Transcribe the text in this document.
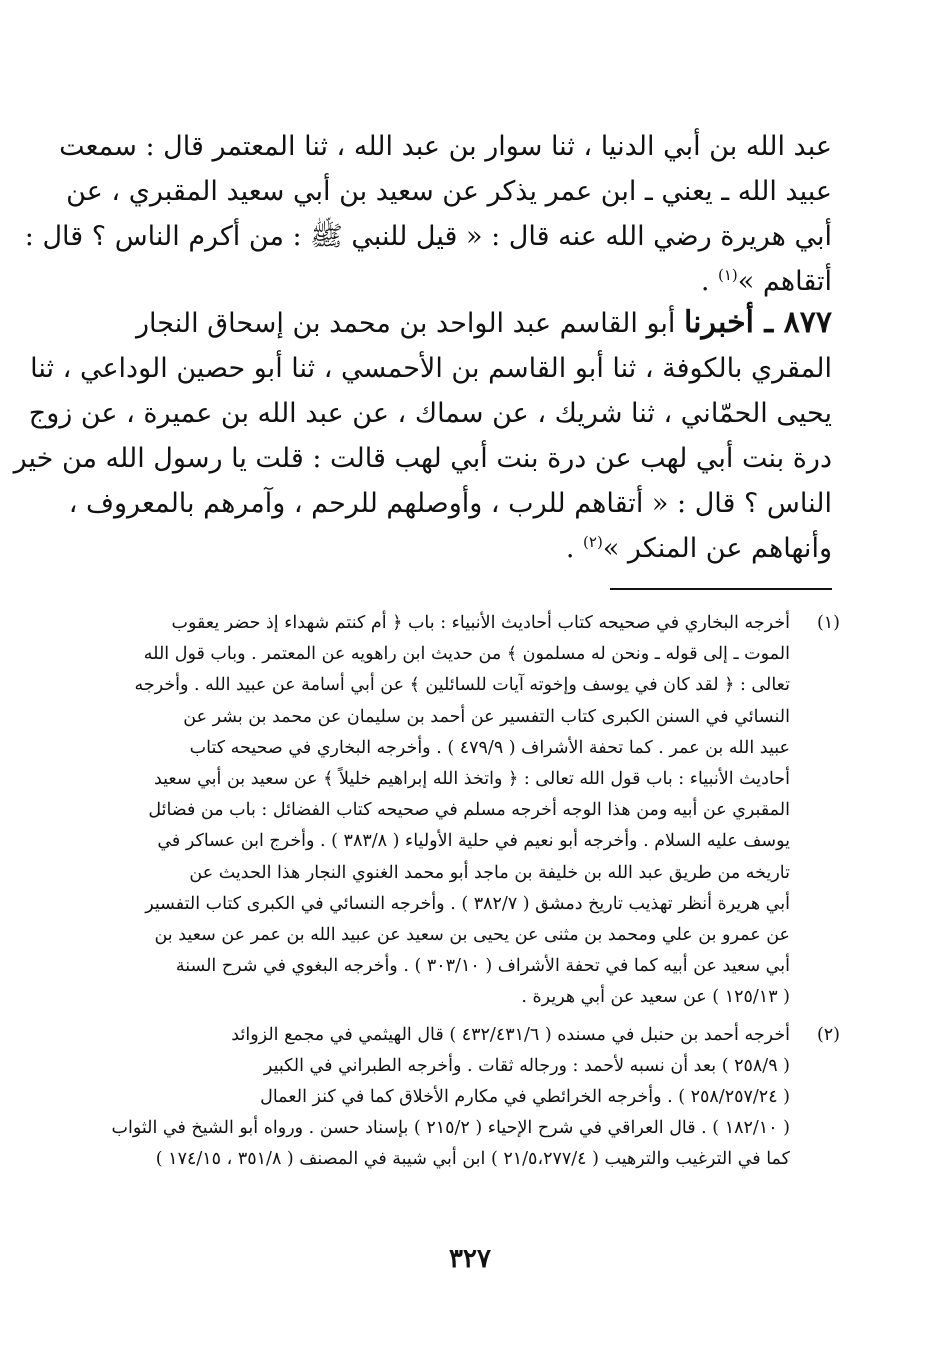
عبد الله بن أبي الدنيا ، ثنا سوار بن عبد الله ، ثنا المعتمر قال : سمعت
عبيد الله ـ يعني ـ ابن عمر يذكر عن سعيد بن أبي سعيد المقبري ، عن
أبي هريرة رضي الله عنه قال : « قيل للنبي ﷺ : من أكرم الناس ؟ قال :
أتقاهم »$^{(١)}$ .
٨٧٧ ـ أخبرنا أبو القاسم عبد الواحد بن محمد بن إسحاق النجار
المقري بالكوفة ، ثنا أبو القاسم بن الأحمسي ، ثنا أبو حصين الوداعي ، ثنا
يحيى الحمّاني ، ثنا شريك ، عن سماك ، عن عبد الله بن عميرة ، عن زوج
درة بنت أبي لهب عن درة بنت أبي لهب قالت : قلت يا رسول الله من خير
الناس ؟ قال : « أتقاهم للرب ، وأوصلهم للرحم ، وآمرهم بالمعروف ،
وأنهاهم عن المنكر »$^{(٢)}$ .
(١)
أخرجه البخاري في صحيحه كتاب أحاديث الأنبياء : باب ﴿ أم كنتم شهداء إذ حضر يعقوب
الموت ـ إلى قوله ـ ونحن له مسلمون ﴾ من حديث ابن راهويه عن المعتمر . وباب قول الله
تعالى : ﴿ لقد كان في يوسف وإخوته آيات للسائلين ﴾ عن أبي أسامة عن عبيد الله . وأخرجه
النسائي في السنن الكبرى كتاب التفسير عن أحمد بن سليمان عن محمد بن بشر عن
عبيد الله بن عمر . كما تحفة الأشراف ( ٤٧٩/٩ ) . وأخرجه البخاري في صحيحه كتاب
أحاديث الأنبياء : باب قول الله تعالى : ﴿ واتخذ الله إبراهيم خليلاً ﴾ عن سعيد بن أبي سعيد
المقبري عن أبيه ومن هذا الوجه أخرجه مسلم في صحيحه كتاب الفضائل : باب من فضائل
يوسف عليه السلام . وأخرجه أبو نعيم في حلية الأولياء ( ٣٨٣/٨ ) . وأخرج ابن عساكر في
تاريخه من طريق عبد الله بن خليفة بن ماجد أبو محمد الغنوي النجار هذا الحديث عن
أبي هريرة أنظر تهذيب تاريخ دمشق ( ٣٨٢/٧ ) . وأخرجه النسائي في الكبرى كتاب التفسير
عن عمرو بن علي ومحمد بن مثنى عن يحيى بن سعيد عن عبيد الله بن عمر عن سعيد بن
أبي سعيد عن أبيه كما في تحفة الأشراف ( ٣٠٣/١٠ ) . وأخرجه البغوي في شرح السنة
( ١٢٥/١٣ ) عن سعيد عن أبي هريرة .
(٢)
أخرجه أحمد بن حنبل في مسنده ( ٤٣٢/٤٣١/٦ ) قال الهيثمي في مجمع الزوائد
( ٢٥٨/٩ ) بعد أن نسبه لأحمد : ورجاله ثقات . وأخرجه الطبراني في الكبير
( ٢٥٨/٢٥٧/٢٤ ) . وأخرجه الخرائطي في مكارم الأخلاق كما في كنز العمال
( ١٨٢/١٠ ) . قال العراقي في شرح الإحياء ( ٢١٥/٢ ) بإسناد حسن . ورواه أبو الشيخ في الثواب
كما في الترغيب والترهيب ( ٢١/٥،٢٧٧/٤ ) ابن أبي شيبة في المصنف ( ٣٥١/٨ ، ١٧٤/١٥ )
٣٢٧
